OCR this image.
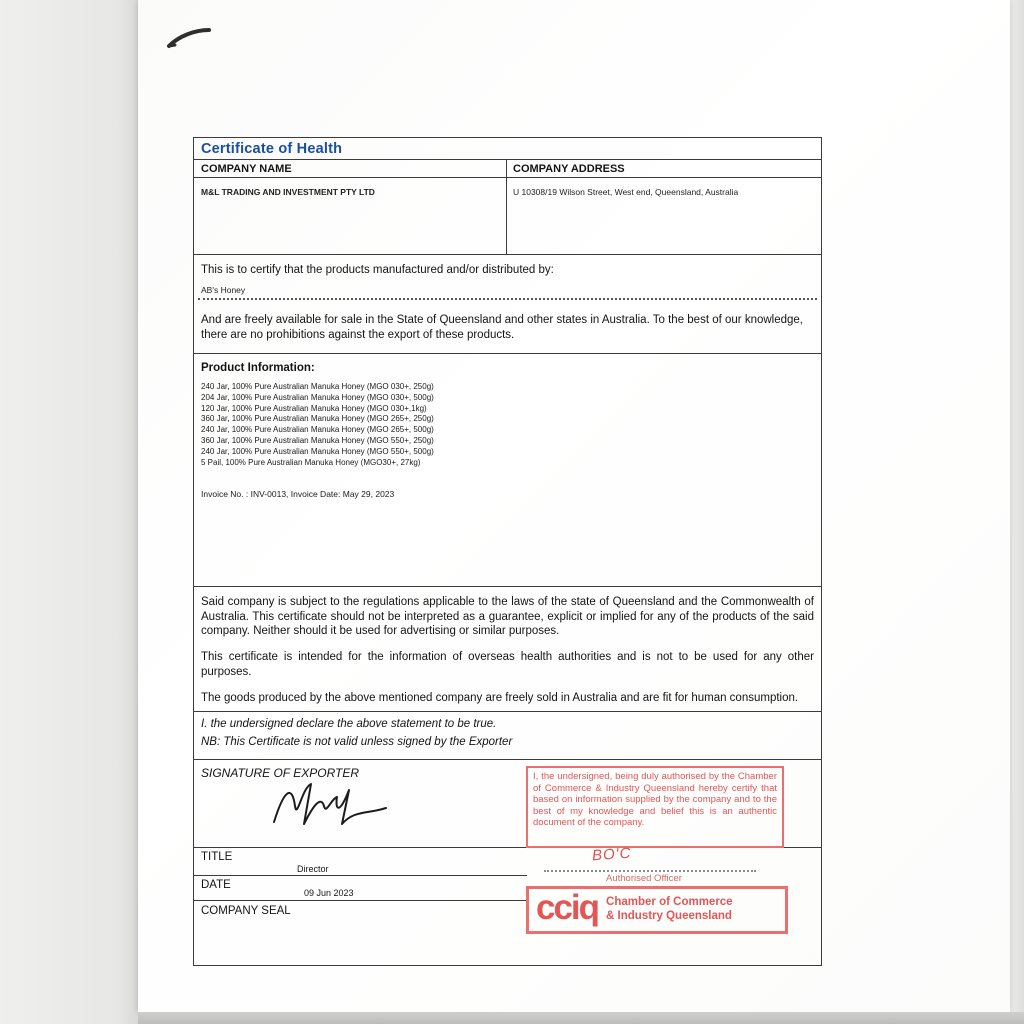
Certificate of Health
COMPANY NAME	COMPANY ADDRESS
M&L TRADING AND INVESTMENT PTY LTD	U 10308/19 Wilson Street, West end, Queensland, Australia
This is to certify that the products manufactured and/or distributed by:
AB's Honey
And are freely available for sale in the State of Queensland and other states in Australia. To the best of our knowledge, there are no prohibitions against the export of these products.
Product Information:
240 Jar, 100% Pure Australian Manuka Honey (MGO 030+, 250g)
204 Jar, 100% Pure Australian Manuka Honey (MGO 030+, 500g)
120 Jar, 100% Pure Australian Manuka Honey (MGO 030+,1kg)
360 Jar, 100% Pure Australian Manuka Honey (MGO 265+, 250g)
240 Jar, 100% Pure Australian Manuka Honey (MGO 265+, 500g)
360 Jar, 100% Pure Australian Manuka Honey (MGO 550+, 250g)
240 Jar, 100% Pure Australian Manuka Honey (MGO 550+, 500g)
5 Pail, 100% Pure Australian Manuka Honey (MGO30+, 27kg)
Invoice No. : INV-0013, Invoice Date: May 29, 2023

Said company is subject to the regulations applicable to the laws of the state of Queensland and the Commonwealth of Australia. This certificate should not be interpreted as a guarantee, explicit or implied for any of the products of the said company. Neither should it be used for advertising or similar purposes.

This certificate is intended for the information of overseas health authorities and is not to be used for any other purposes.

The goods produced by the above mentioned company are freely sold in Australia and are fit for human consumption.

I. the undersigned declare the above statement to be true.

NB: This Certificate is not valid unless signed by the Exporter

SIGNATURE OF EXPORTER
TITLE
Director
DATE
09 Jun 2023
COMPANY SEAL
I, the undersigned, being duly authorised by the Chamber of Commerce & Industry Queensland hereby certify that based on information supplied by the company and to the best of my knowledge and belief this is an authentic document of the company.
BO'C
Authorised Officer
cciq Chamber of Commerce
& Industry Queensland
